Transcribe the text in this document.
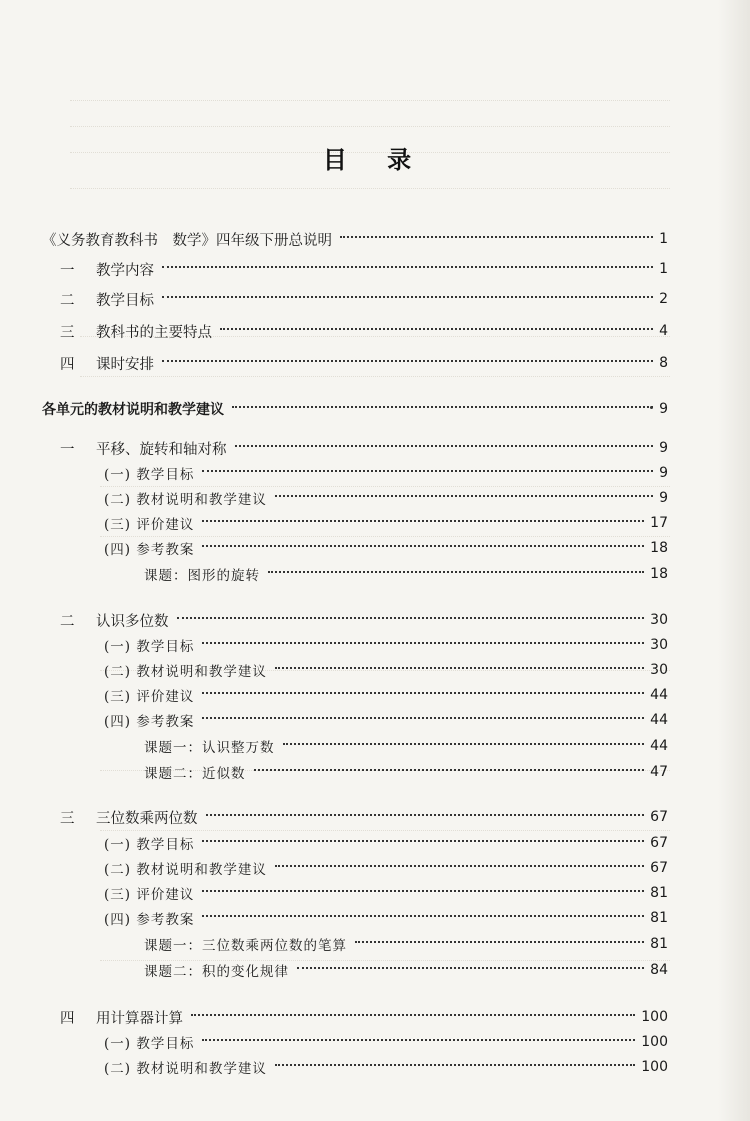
目 录
《义务教育教科书　数学》四年级下册总说明	1
一 教学内容	1
二 教学目标	2
三 教科书的主要特点	4
四 课时安排	8
各单元的教材说明和教学建议	9
一 平移、旋转和轴对称	9
(一) 教学目标	9
(二) 教材说明和教学建议	9
(三) 评价建议	17
(四) 参考教案	18
课题：图形的旋转	18
二 认识多位数	30
(一) 教学目标	30
(二) 教材说明和教学建议	30
(三) 评价建议	44
(四) 参考教案	44
课题一：认识整万数	44
课题二：近似数	47
三 三位数乘两位数	67
(一) 教学目标	67
(二) 教材说明和教学建议	67
(三) 评价建议	81
(四) 参考教案	81
课题一：三位数乘两位数的笔算	81
课题二：积的变化规律	84
四 用计算器计算	100
(一) 教学目标	100
(二) 教材说明和教学建议	100
